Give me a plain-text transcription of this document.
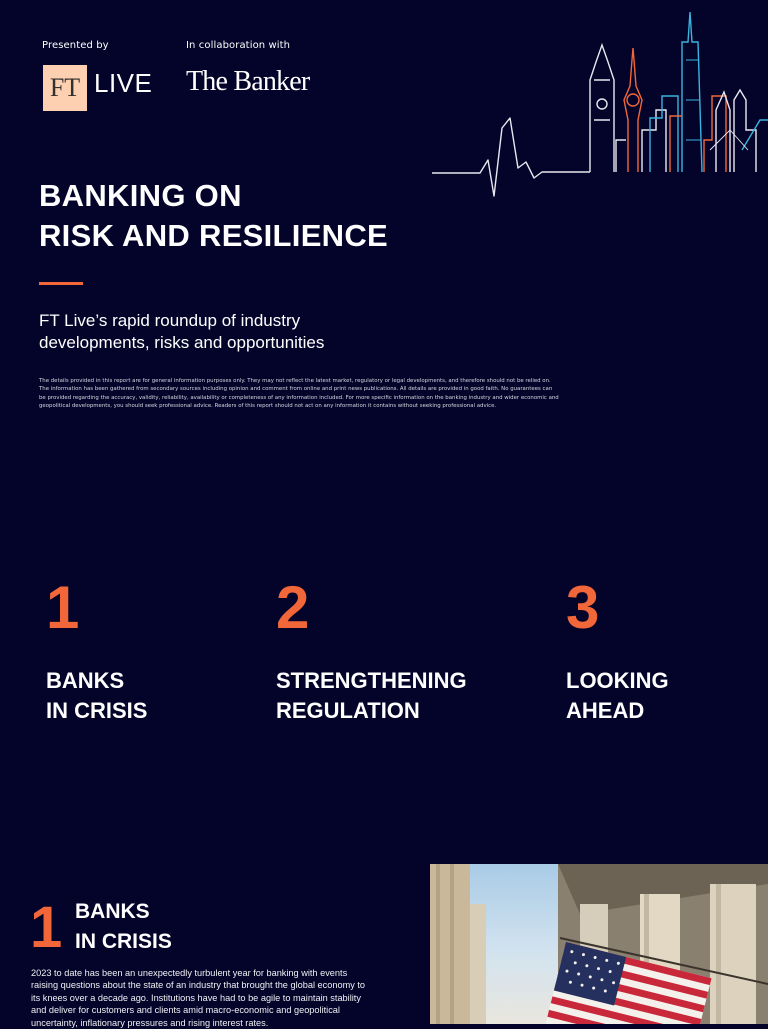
Presented by	In collaboration with
FT LIVE The Banker
BANKING ON
RISK AND RESILIENCE
FT Live’s rapid roundup of industry
developments, risks and opportunities
The details provided in this report are for general information purposes only. They may not reflect the latest market, regulatory or legal developments, and therefore should not be relied on. The information has been gathered from secondary sources including opinion and comment from online and print news publications. All details are provided in good faith. No guarantees can be provided regarding the accuracy, validity, reliability, availability or completeness of any information included. For more specific information on the banking industry and wider economic and geopolitical developments, you should seek professional advice. Readers of this report should not act on any information it contains without seeking professional advice.
1
BANKS
IN CRISIS
2
STRENGTHENING
REGULATION
3
LOOKING
AHEAD
1 BANKS
IN CRISIS
2023 to date has been an unexpectedly turbulent year for banking with events raising questions about the state of an industry that brought the global economy to its knees over a decade ago. Institutions have had to be agile to maintain stability and deliver for customers and clients amid macro-economic and geopolitical uncertainty, inflationary pressures and rising interest rates.
